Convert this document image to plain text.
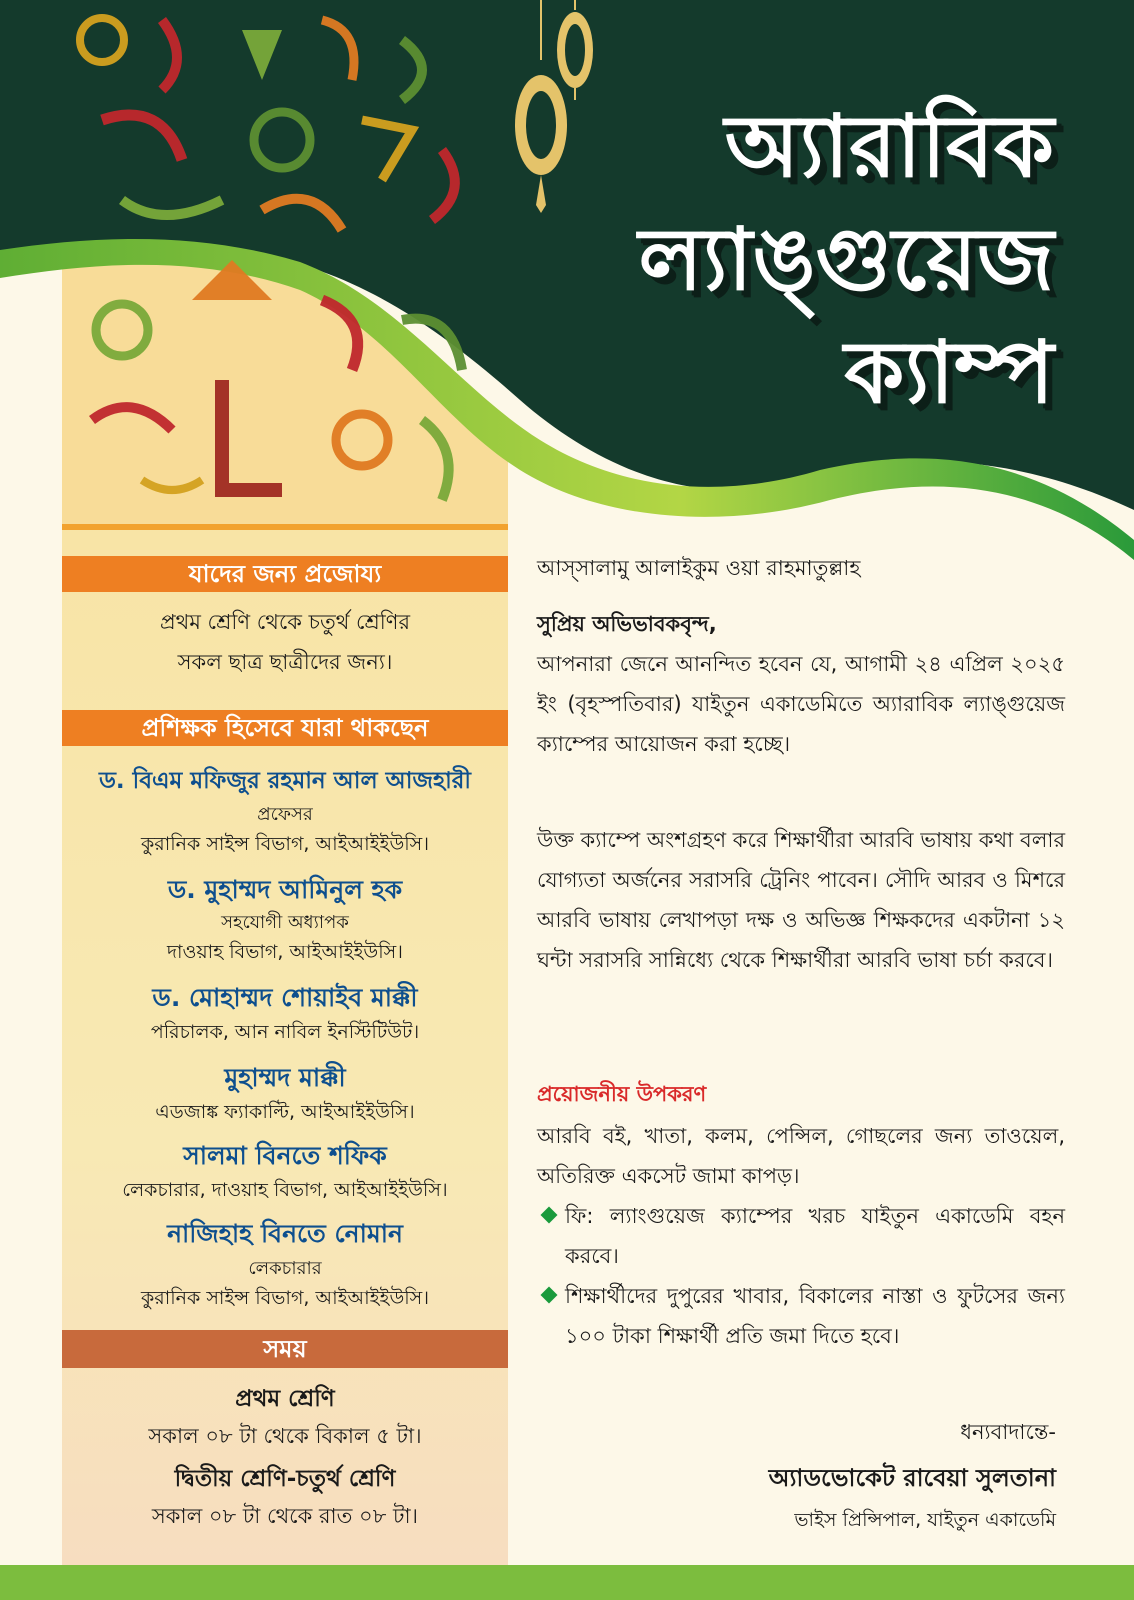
অ্যারাবিক
ল্যাঙ্গুয়েজ
ক্যাম্প
যাদের জন্য প্রজোয্য
প্রথম শ্রেণি থেকে চতুর্থ শ্রেণির
সকল ছাত্র ছাত্রীদের জন্য।
প্রশিক্ষক হিসেবে যারা থাকছেন
ড. বিএম মফিজুর রহমান আল আজহারী
প্রফেসর
কুরানিক সাইন্স বিভাগ, আইআইইউসি।
ড. মুহাম্মদ আমিনুল হক
সহযোগী অধ্যাপক
দাওয়াহ বিভাগ, আইআইইউসি।
ড. মোহাম্মদ শোয়াইব মাক্কী
পরিচালক, আন নাবিল ইনস্টিটিউট।
মুহাম্মদ মাক্কী
এডজাঙ্ক ফ্যাকাল্টি, আইআইইউসি।
সালমা বিনতে শফিক
লেকচারার, দাওয়াহ বিভাগ, আইআইইউসি।
নাজিহাহ বিনতে নোমান
লেকচারার
কুরানিক সাইন্স বিভাগ, আইআইইউসি।
সময়
প্রথম শ্রেণি
সকাল ০৮ টা থেকে বিকাল ৫ টা।
দ্বিতীয় শ্রেণি-চতুর্থ শ্রেণি
সকাল ০৮ টা থেকে রাত ০৮ টা।
আস্‌সালামু আলাইকুম ওয়া রাহমাতুল্লাহ
সুপ্রিয় অভিভাবকবৃন্দ,
আপনারা জেনে আনন্দিত হবেন যে, আগামী ২৪ এপ্রিল ২০২৫ ইং (বৃহস্পতিবার) যাইতুন একাডেমিতে অ্যারাবিক ল্যাঙ্গুয়েজ ক্যাম্পের আয়োজন করা হচ্ছে।
উক্ত ক্যাম্পে অংশগ্রহণ করে শিক্ষার্থীরা আরবি ভাষায় কথা বলার যোগ্যতা অর্জনের সরাসরি ট্রেনিং পাবেন। সৌদি আরব ও মিশরে আরবি ভাষায় লেখাপড়া দক্ষ ও অভিজ্ঞ শিক্ষকদের একটানা ১২ ঘন্টা সরাসরি সান্নিধ্যে থেকে শিক্ষার্থীরা আরবি ভাষা চর্চা করবে।
প্রয়োজনীয় উপকরণ
আরবি বই, খাতা, কলম, পেন্সিল, গোছলের জন্য তাওয়েল, অতিরিক্ত একসেট জামা কাপড়।
ফি: ল্যাংগুয়েজ ক্যাম্পের খরচ যাইতুন একাডেমি বহন করবে।
শিক্ষার্থীদের দুপুরের খাবার, বিকালের নাস্তা ও ফুটসের জন্য ১০০ টাকা শিক্ষার্থী প্রতি জমা দিতে হবে।
ধন্যবাদান্তে-
অ্যাডভোকেট রাবেয়া সুলতানা
ভাইস প্রিন্সিপাল, যাইতুন একাডেমি
